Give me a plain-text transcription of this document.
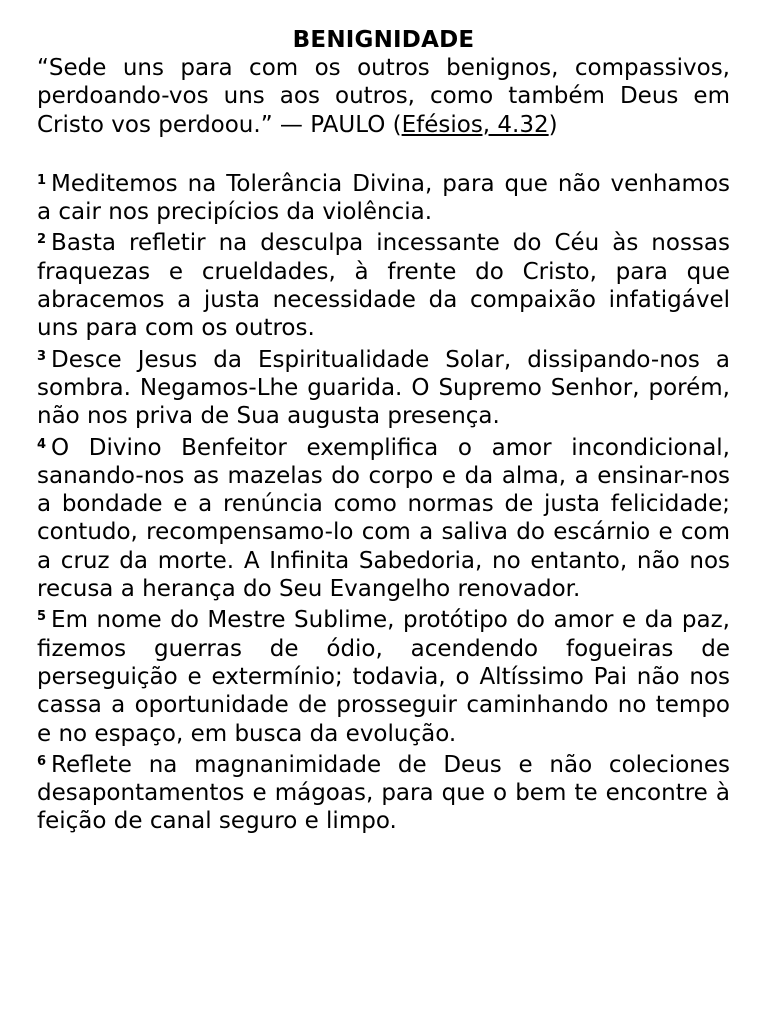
BENIGNIDADE

“Sede uns para com os outros benignos, compassivos, perdoando-vos uns aos outros, como também Deus em Cristo vos perdoou.” — PAULO (Efésios, 4.32)

$^1$ Meditemos na Tolerância Divina, para que não venhamos a cair nos precipícios da violência.

$^2$ Basta refletir na desculpa incessante do Céu às nossas fraquezas e crueldades, à frente do Cristo, para que abracemos a justa necessidade da compaixão infatigável uns para com os outros.

$^3$ Desce Jesus da Espiritualidade Solar, dissipando-nos a sombra. Negamos-Lhe guarida. O Supremo Senhor, porém, não nos priva de Sua augusta presença.

$^4$ O Divino Benfeitor exemplifica o amor incondicional, sanando-nos as mazelas do corpo e da alma, a ensinar-nos a bondade e a renúncia como normas de justa felicidade; contudo, recompensamo-lo com a saliva do escárnio e com a cruz da morte. A Infinita Sabedoria, no entanto, não nos recusa a herança do Seu Evangelho renovador.

$^5$ Em nome do Mestre Sublime, protótipo do amor e da paz, fizemos guerras de ódio, acendendo fogueiras de perseguição e extermínio; todavia, o Altíssimo Pai não nos cassa a oportunidade de prosseguir caminhando no tempo e no espaço, em busca da evolução.

$^6$ Reflete na magnanimidade de Deus e não coleciones desapontamentos e mágoas, para que o bem te encontre à feição de canal seguro e limpo.
